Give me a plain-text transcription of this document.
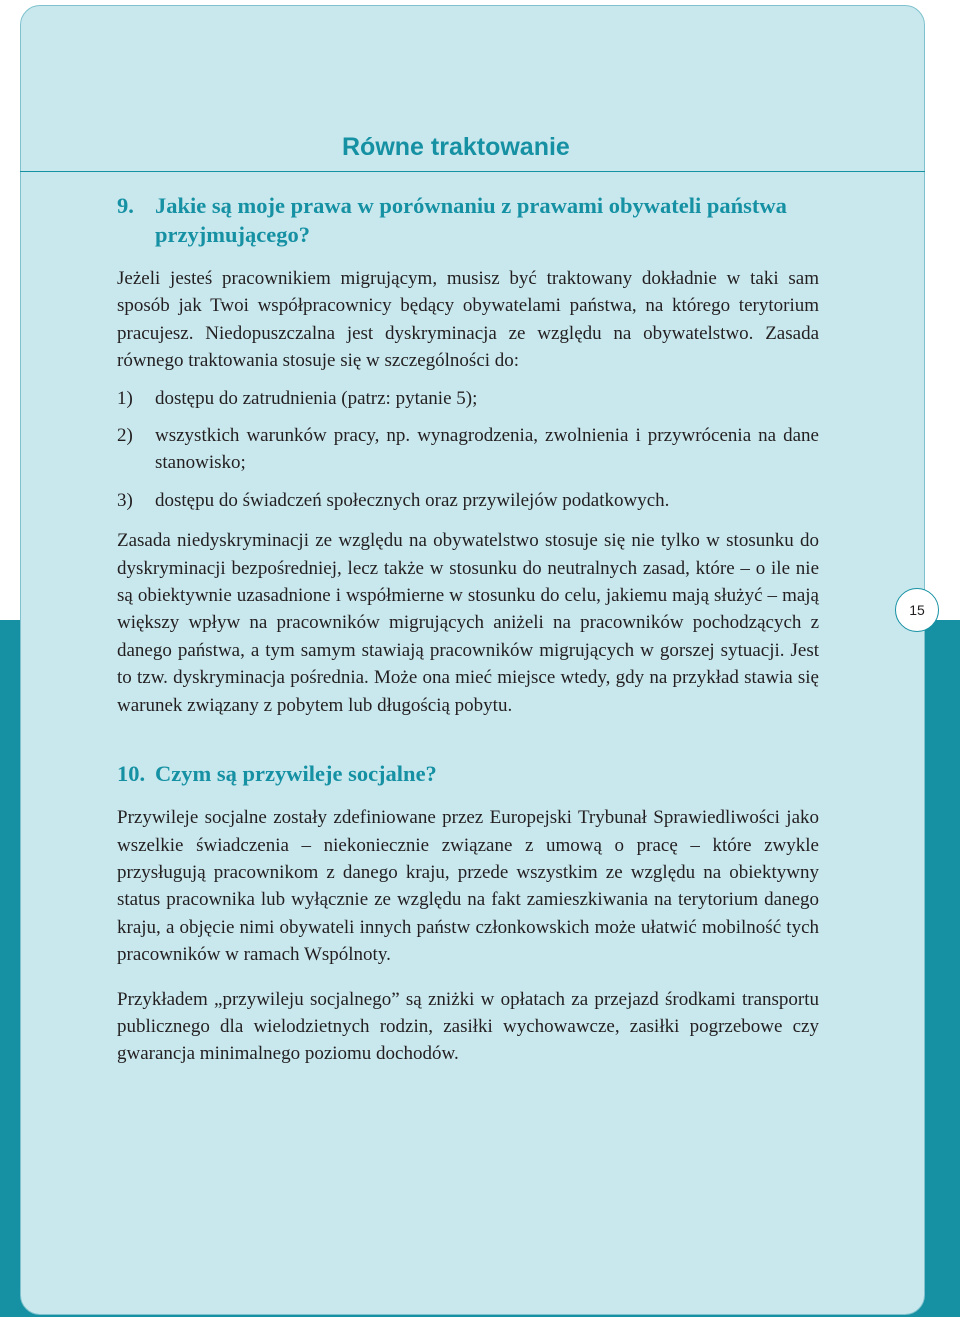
Równe traktowanie
9. Jakie są moje prawa w porównaniu z prawami obywateli państwa przyjmującego?

Jeżeli jesteś pracownikiem migrującym, musisz być traktowany dokładnie w taki sam sposób jak Twoi współpracownicy będący obywatelami państwa, na którego terytorium pracujesz. Niedopuszczalna jest dyskryminacja ze względu na obywatelstwo. Zasada równego traktowania stosuje się w szczególności do:

1)	dostępu do zatrudnienia (patrz: pytanie 5);
2)	wszystkich warunków pracy, np. wynagrodzenia, zwolnienia i przywrócenia na dane stanowisko;
3)	dostępu do świadczeń społecznych oraz przywilejów podatkowych.

Zasada niedyskryminacji ze względu na obywatelstwo stosuje się nie tylko w stosunku do dyskryminacji bezpośredniej, lecz także w stosunku do neutralnych zasad, które – o ile nie są obiektywnie uzasadnione i współmierne w stosunku do celu, jakiemu mają służyć – mają większy wpływ na pracowników migrujących aniżeli na pracowników pochodzących z danego państwa, a tym samym stawiają pracowników migrujących w gorszej sytuacji. Jest to tzw. dyskryminacja pośrednia. Może ona mieć miejsce wtedy, gdy na przykład stawia się warunek związany z pobytem lub długością pobytu.

10. Czym są przywileje socjalne?

Przywileje socjalne zostały zdefiniowane przez Europejski Trybunał Sprawiedliwości jako wszelkie świadczenia – niekoniecznie związane z umową o pracę – które zwykle przysługują pracownikom z danego kraju, przede wszystkim ze względu na obiektywny status pracownika lub wyłącznie ze względu na fakt zamieszkiwania na terytorium danego kraju, a objęcie nimi obywateli innych państw członkowskich może ułatwić mobilność tych pracowników w ramach Wspólnoty.

Przykładem „przywileju socjalnego” są zniżki w opłatach za przejazd środkami transportu publicznego dla wielodzietnych rodzin, zasiłki wychowawcze, zasiłki pogrzebowe czy gwarancja minimalnego poziomu dochodów.

15
